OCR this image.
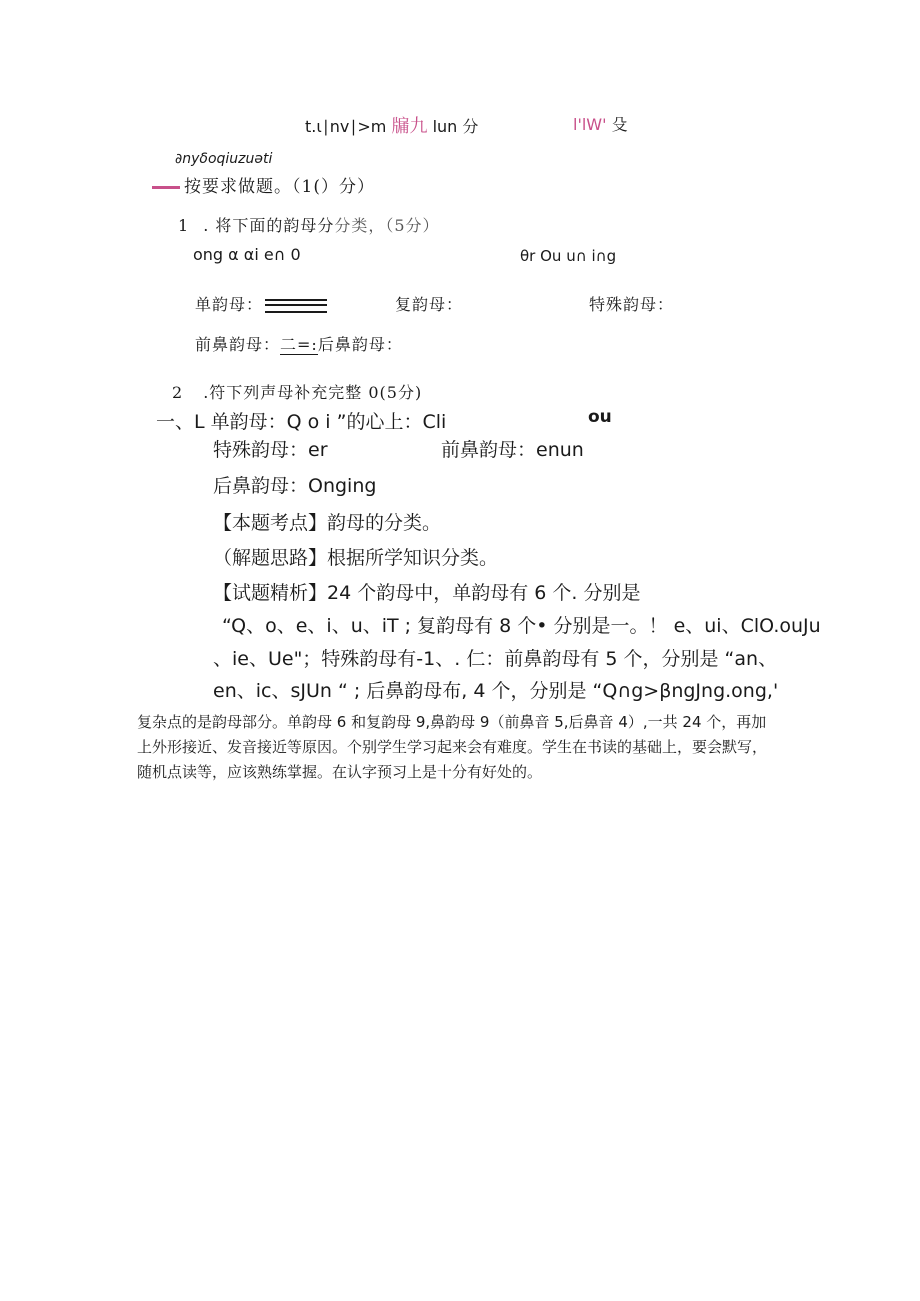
t.ι∣nv∣>m 牖九 lun 分	l'lW' 殳
∂nyδoqiuzuǝti
按要求做题。（1(）分）
1 . 将下面的韵母分分类，（5分）
ong α αi e∩ 0	θr Ou u∩ i∩g
单韵母：	复韵母：	特殊韵母：
前鼻韵母：二=:后鼻韵母：
2 .符下列声母补充完整 0(5分)
一、L 单韵母：Q o i ”的心上：Cli	ou
特殊韵母：er	前鼻韵母：enun
后鼻韵母：Onging
【本题考点】韵母的分类。
（解题思路】根据所学知识分类。
【试题精析】24 个韵母中，单韵母有 6 个. 分别是
“Q、o、e、i、u、iT ; 复韵母有 8 个• 分别是一。！ e、ui、ClO.ouJu
、ie、Ue"；特殊韵母有-1、. 仁：前鼻韵母有 5 个，分别是 “an、
en、ic、sJUn “ ; 后鼻韵母布, 4 个，分别是 “Q∩g>βngJng.ong,'
复杂点的是韵母部分。单韵母 6 和复韵母 9,鼻韵母 9（前鼻音 5,后鼻音 4）,一共 24 个，再加上外形接近、发音接近等原因。个别学生学习起来会有难度。学生在书读的基础上，要会默写，随机点读等，应该熟练掌握。在认字预习上是十分有好处的。
